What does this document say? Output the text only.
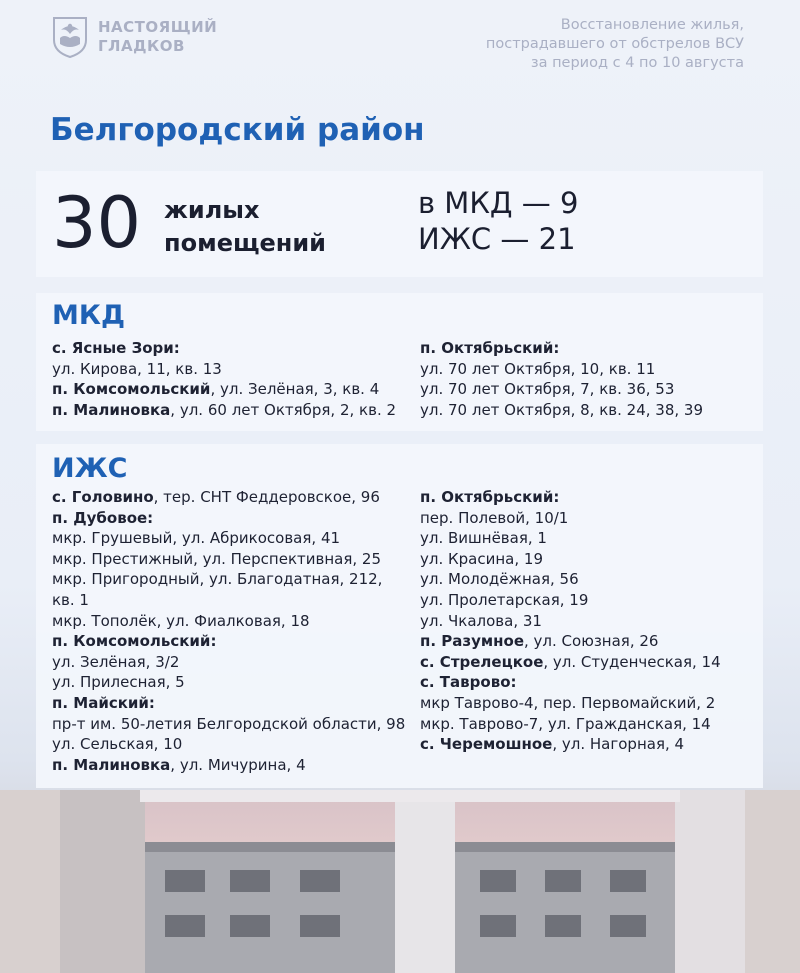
НАСТОЯЩИЙ
ГЛАДКОВ
Восстановление жилья,
пострадавшего от обстрелов ВСУ
за период с 4 по 10 августа
Белгородский район
30 жилых
помещений
в МКД — 9
ИЖС — 21
МКД
с. Ясные Зори:
ул. Кирова, 11, кв. 13
п. Комсомольский, ул. Зелёная, 3, кв. 4
п. Малиновка, ул. 60 лет Октября, 2, кв. 2
п. Октябрьский:
ул. 70 лет Октября, 10, кв. 11
ул. 70 лет Октября, 7, кв. 36, 53
ул. 70 лет Октября, 8, кв. 24, 38, 39
ИЖС
с. Головино, тер. СНТ Феддеровское, 96
п. Дубовое:
мкр. Грушевый, ул. Абрикосовая, 41
мкр. Престижный, ул. Перспективная, 25
мкр. Пригородный, ул. Благодатная, 212,
кв. 1
мкр. Тополёк, ул. Фиалковая, 18
п. Комсомольский:
ул. Зелёная, 3/2
ул. Прилесная, 5
п. Майский:
пр-т им. 50-летия Белгородской области, 98
ул. Сельская, 10
п. Малиновка, ул. Мичурина, 4
п. Октябрьский:
пер. Полевой, 10/1
ул. Вишнёвая, 1
ул. Красина, 19
ул. Молодёжная, 56
ул. Пролетарская, 19
ул. Чкалова, 31
п. Разумное, ул. Союзная, 26
с. Стрелецкое, ул. Студенческая, 14
с. Таврово:
мкр Таврово-4, пер. Первомайский, 2
мкр. Таврово-7, ул. Гражданская, 14
с. Черемошное, ул. Нагорная, 4
